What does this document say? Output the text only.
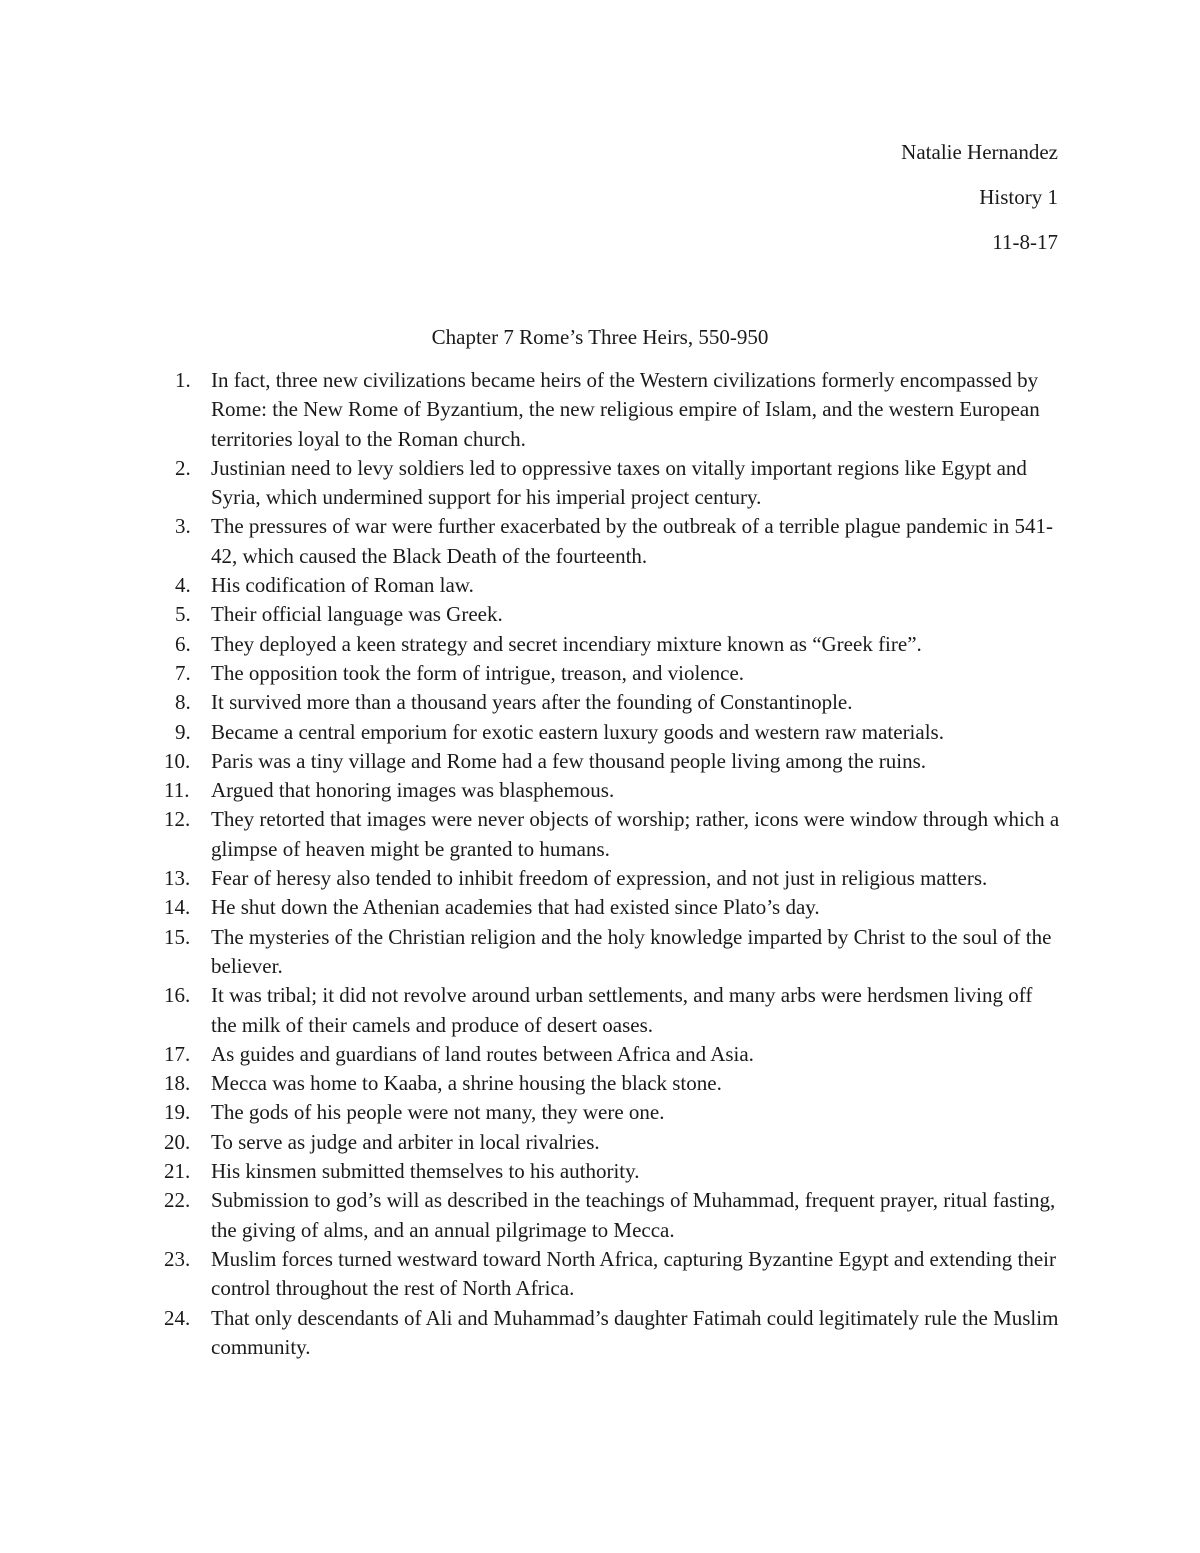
Natalie Hernandez
History 1
11-8-17
Chapter 7 Rome’s Three Heirs, 550-950
1. In fact, three new civilizations became heirs of the Western civilizations formerly encompassed by Rome: the New Rome of Byzantium, the new religious empire of Islam, and the western European territories loyal to the Roman church.
2. Justinian need to levy soldiers led to oppressive taxes on vitally important regions like Egypt and Syria, which undermined support for his imperial project century.
3. The pressures of war were further exacerbated by the outbreak of a terrible plague pandemic in 541-42, which caused the Black Death of the fourteenth.
4. His codification of Roman law.
5. Their official language was Greek.
6. They deployed a keen strategy and secret incendiary mixture known as “Greek fire”.
7. The opposition took the form of intrigue, treason, and violence.
8. It survived more than a thousand years after the founding of Constantinople.
9. Became a central emporium for exotic eastern luxury goods and western raw materials.
10. Paris was a tiny village and Rome had a few thousand people living among the ruins.
11.	Argued that honoring images was blasphemous.
12. They retorted that images were never objects of worship; rather, icons were window through which a glimpse of heaven might be granted to humans.
13. Fear of heresy also tended to inhibit freedom of expression, and not just in religious matters.
14. He shut down the Athenian academies that had existed since Plato’s day.
15. The mysteries of the Christian religion and the holy knowledge imparted by Christ to the soul of the believer.
16. It was tribal; it did not revolve around urban settlements, and many arbs were herdsmen living off the milk of their camels and produce of desert oases.
17. As guides and guardians of land routes between Africa and Asia.
18. Mecca was home to Kaaba, a shrine housing the black stone.
19. The gods of his people were not many, they were one.
20. To serve as judge and arbiter in local rivalries.
21. His kinsmen submitted themselves to his authority.
22. Submission to god’s will as described in the teachings of Muhammad, frequent prayer, ritual fasting, the giving of alms, and an annual pilgrimage to Mecca.
23. Muslim forces turned westward toward North Africa, capturing Byzantine Egypt and extending their control throughout the rest of North Africa.
24. That only descendants of Ali and Muhammad’s daughter Fatimah could legitimately rule the Muslim community.
